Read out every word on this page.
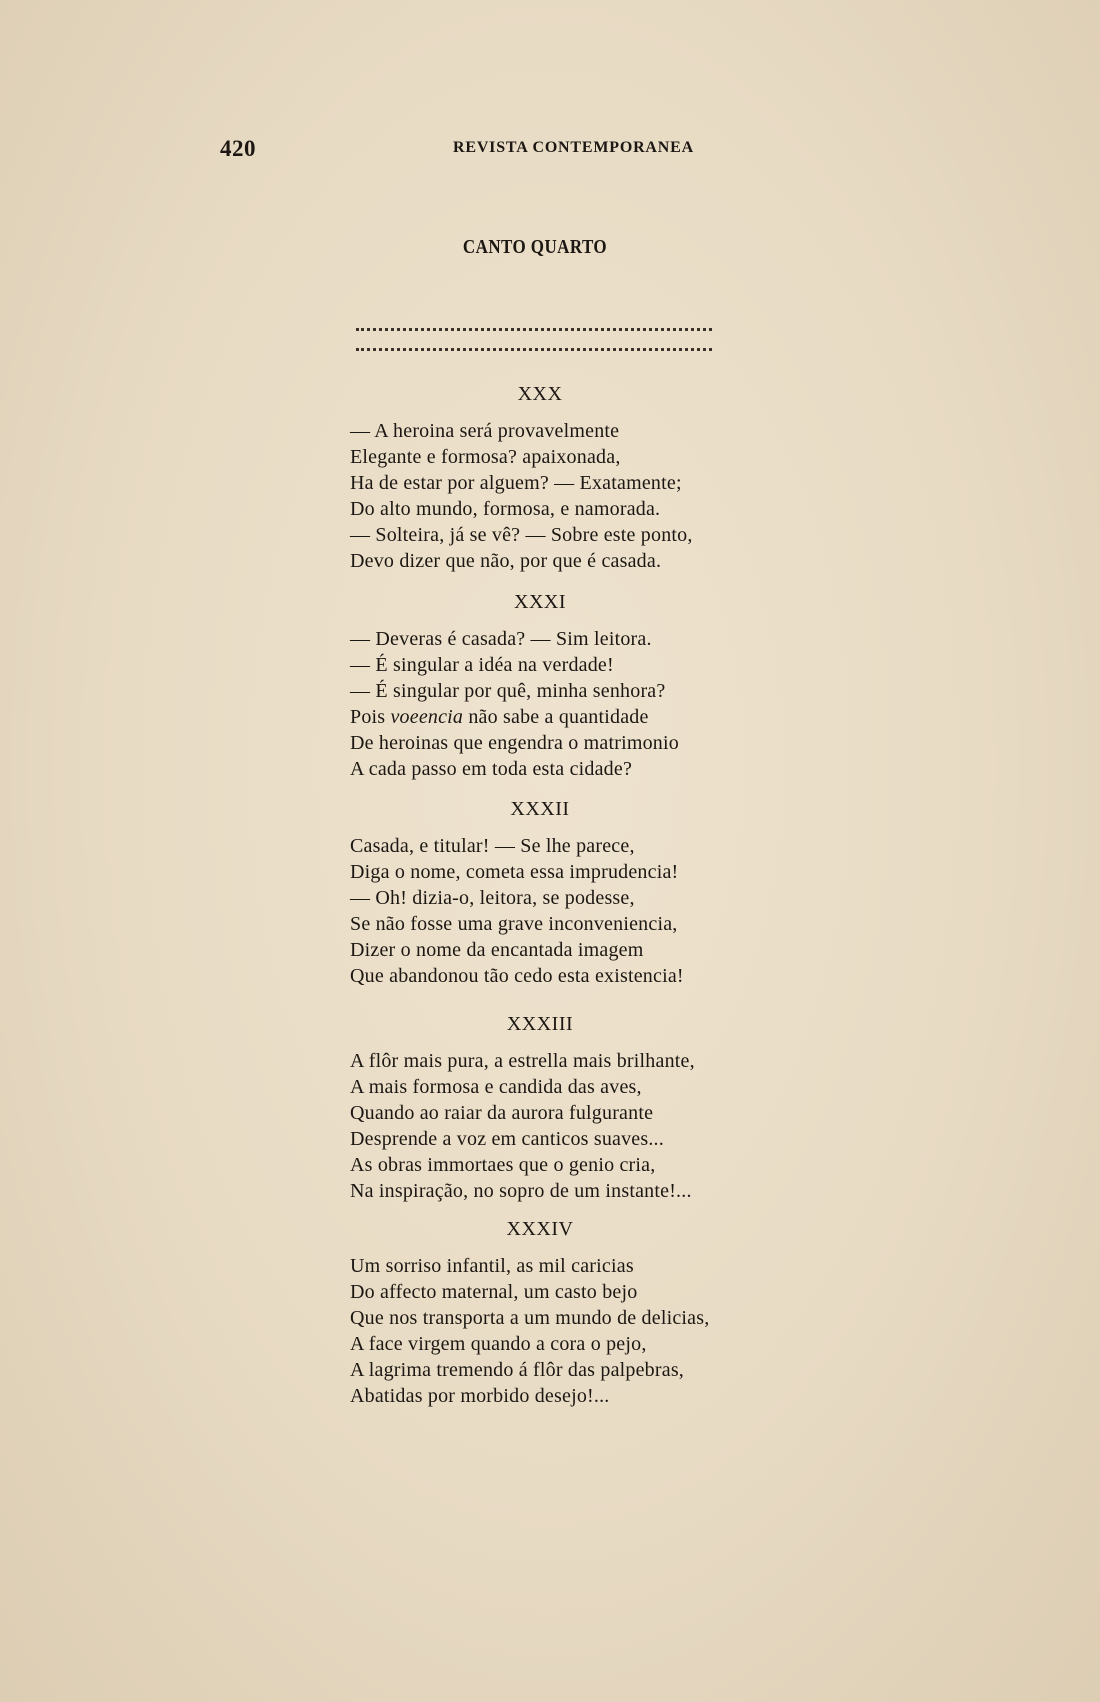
420	REVISTA CONTEMPORANEA
CANTO QUARTO
XXX
— A heroina será provavelmente
Elegante e formosa? apaixonada,
Ha de estar por alguem? — Exatamente;
Do alto mundo, formosa, e namorada.
— Solteira, já se vê? — Sobre este ponto,
Devo dizer que não, por que é casada.
XXXI
— Deveras é casada? — Sim leitora.
— É singular a idéa na verdade!
— É singular por quê, minha senhora?
Pois voeencia não sabe a quantidade
De heroinas que engendra o matrimonio
A cada passo em toda esta cidade?
XXXII
Casada, e titular! — Se lhe parece,
Diga o nome, cometa essa imprudencia!
— Oh! dizia-o, leitora, se podesse,
Se não fosse uma grave inconveniencia,
Dizer o nome da encantada imagem
Que abandonou tão cedo esta existencia!
XXXIII
A flôr mais pura, a estrella mais brilhante,
A mais formosa e candida das aves,
Quando ao raiar da aurora fulgurante
Desprende a voz em canticos suaves...
As obras immortaes que o genio cria,
Na inspiração, no sopro de um instante!...
XXXIV
Um sorriso infantil, as mil caricias
Do affecto maternal, um casto bejo
Que nos transporta a um mundo de delicias,
A face virgem quando a cora o pejo,
A lagrima tremendo á flôr das palpebras,
Abatidas por morbido desejo!...
